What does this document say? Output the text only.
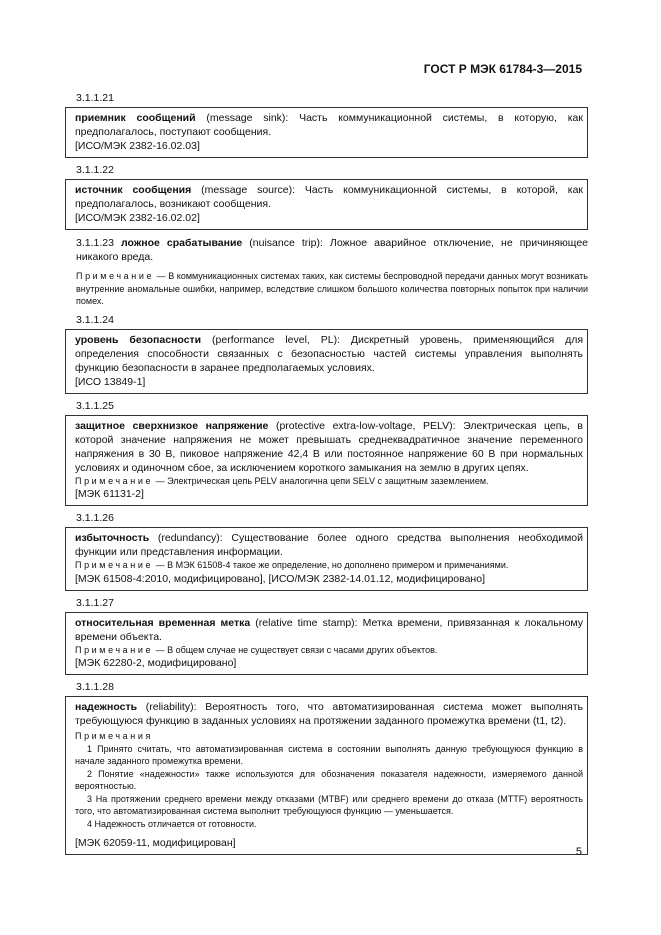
ГОСТ Р МЭК 61784-3—2015
3.1.1.21

приемник сообщений (message sink): Часть коммуникационной системы, в которую, как предполагалось, поступают сообщения.

[ИСО/МЭК 2382-16.02.03]

3.1.1.22

источник сообщения (message source): Часть коммуникационной системы, в которой, как предполагалось, возникают сообщения.

[ИСО/МЭК 2382-16.02.02]

3.1.1.23 ложное срабатывание (nuisance trip): Ложное аварийное отключение, не причиняющее никакого вреда.

Примечание — В коммуникационных системах таких, как системы беспроводной передачи данных могут возникать внутренние аномальные ошибки, например, вследствие слишком большого количества повторных попыток при наличии помех.

3.1.1.24

уровень безопасности (performance level, PL): Дискретный уровень, применяющийся для определения способности связанных с безопасностью частей системы управления выполнять функцию безопасности в заранее предполагаемых условиях.

[ИСО 13849-1]

3.1.1.25

защитное сверхнизкое напряжение (protective extra-low-voltage, PELV): Электрическая цепь, в которой значение напряжения не может превышать среднеквадратичное значение переменного напряжения в 30 В, пиковое напряжение 42,4 В или постоянное напряжение 60 В при нормальных условиях и одиночном сбое, за исключением короткого замыкания на землю в других цепях.

Примечание — Электрическая цепь PELV аналогична цепи SELV с защитным заземлением.

[МЭК 61131-2]

3.1.1.26

избыточность (redundancy): Существование более одного средства выполнения необходимой функции или представления информации.

Примечание — В МЭК 61508-4 такое же определение, но дополнено примером и примечаниями.

[МЭК 61508-4:2010, модифицировано], [ИСО/МЭК 2382-14.01.12, модифицировано]

3.1.1.27

относительная временная метка (relative time stamp): Метка времени, привязанная к локальному времени объекта.

Примечание — В общем случае не существует связи с часами других объектов.

[МЭК 62280-2, модифицировано]

3.1.1.28

надежность (reliability): Вероятность того, что автоматизированная система может выполнять требующуюся функцию в заданных условиях на протяжении заданного промежутка времени (t1, t2).

Примечания
1 Принято считать, что автоматизированная система в состоянии выполнять данную требующуюся функцию в начале заданного промежутка времени.
2 Понятие «надежности» также используются для обозначения показателя надежности, измеряемого данной вероятностью.
3 На протяжении среднего времени между отказами (MTBF) или среднего времени до отказа (MTTF) вероятность того, что автоматизированная система выполнит требующуюся функцию — уменьшается.
4 Надежность отличается от готовности.

[МЭК 62059-11, модифицирован]

5
